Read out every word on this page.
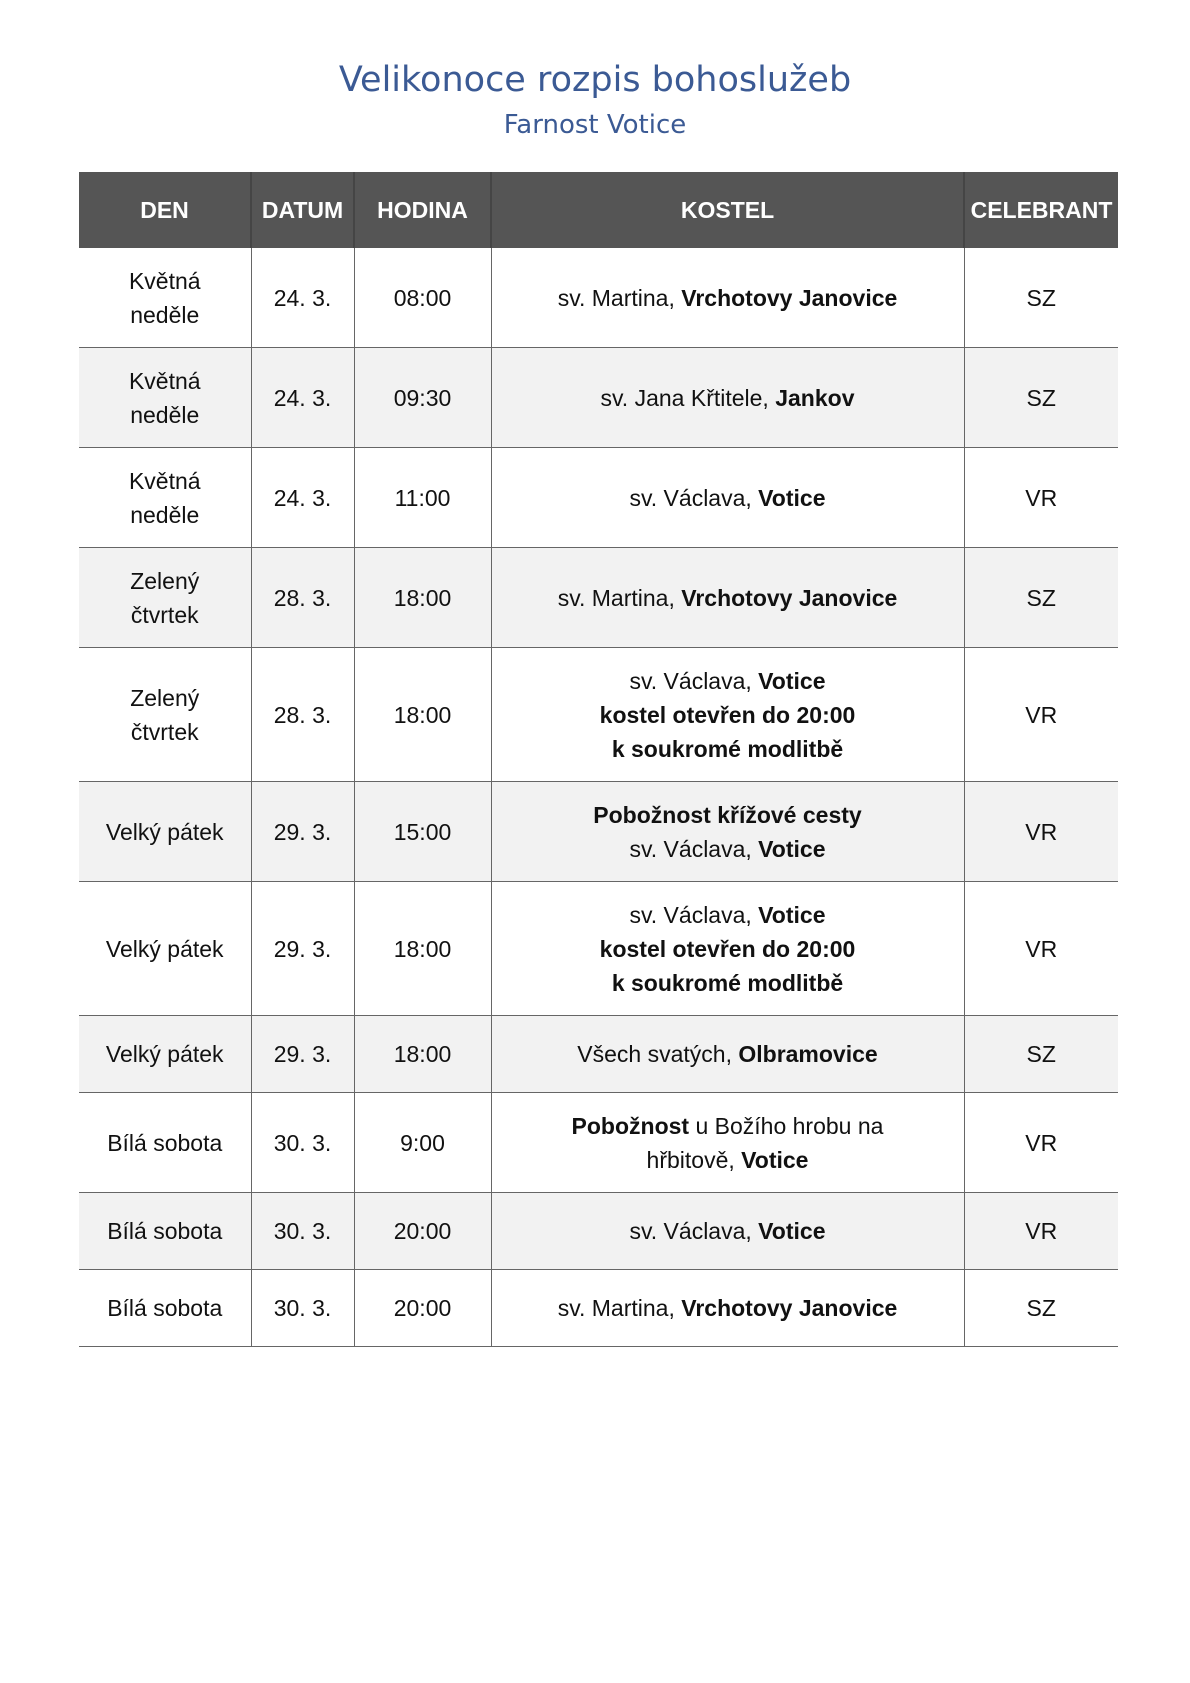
Velikonoce rozpis bohoslužeb
Farnost Votice
DEN	DATUM	HODINA	KOSTEL	CELEBRANT
Květná neděle	24. 3.	08:00	sv. Martina, Vrchotovy Janovice	SZ
Květná neděle	24. 3.	09:30	sv. Jana Křtitele, Jankov	SZ
Květná neděle	24. 3.	11:00	sv. Václava, Votice	VR
Zelený čtvrtek	28. 3.	18:00	sv. Martina, Vrchotovy Janovice	SZ
Zelený čtvrtek	28. 3.	18:00	sv. Václava, Votice
kostel otevřen do 20:00
k soukromé modlitbě	VR
Velký pátek	29. 3.	15:00	Pobožnost křížové cesty
sv. Václava, Votice	VR
Velký pátek	29. 3.	18:00	sv. Václava, Votice
kostel otevřen do 20:00
k soukromé modlitbě	VR
Velký pátek	29. 3.	18:00	Všech svatých, Olbramovice	SZ
Bílá sobota	30. 3.	9:00	Pobožnost u Božího hrobu na
hřbitově, Votice	VR
Bílá sobota	30. 3.	20:00	sv. Václava, Votice	VR
Bílá sobota	30. 3.	20:00	sv. Martina, Vrchotovy Janovice	SZ
